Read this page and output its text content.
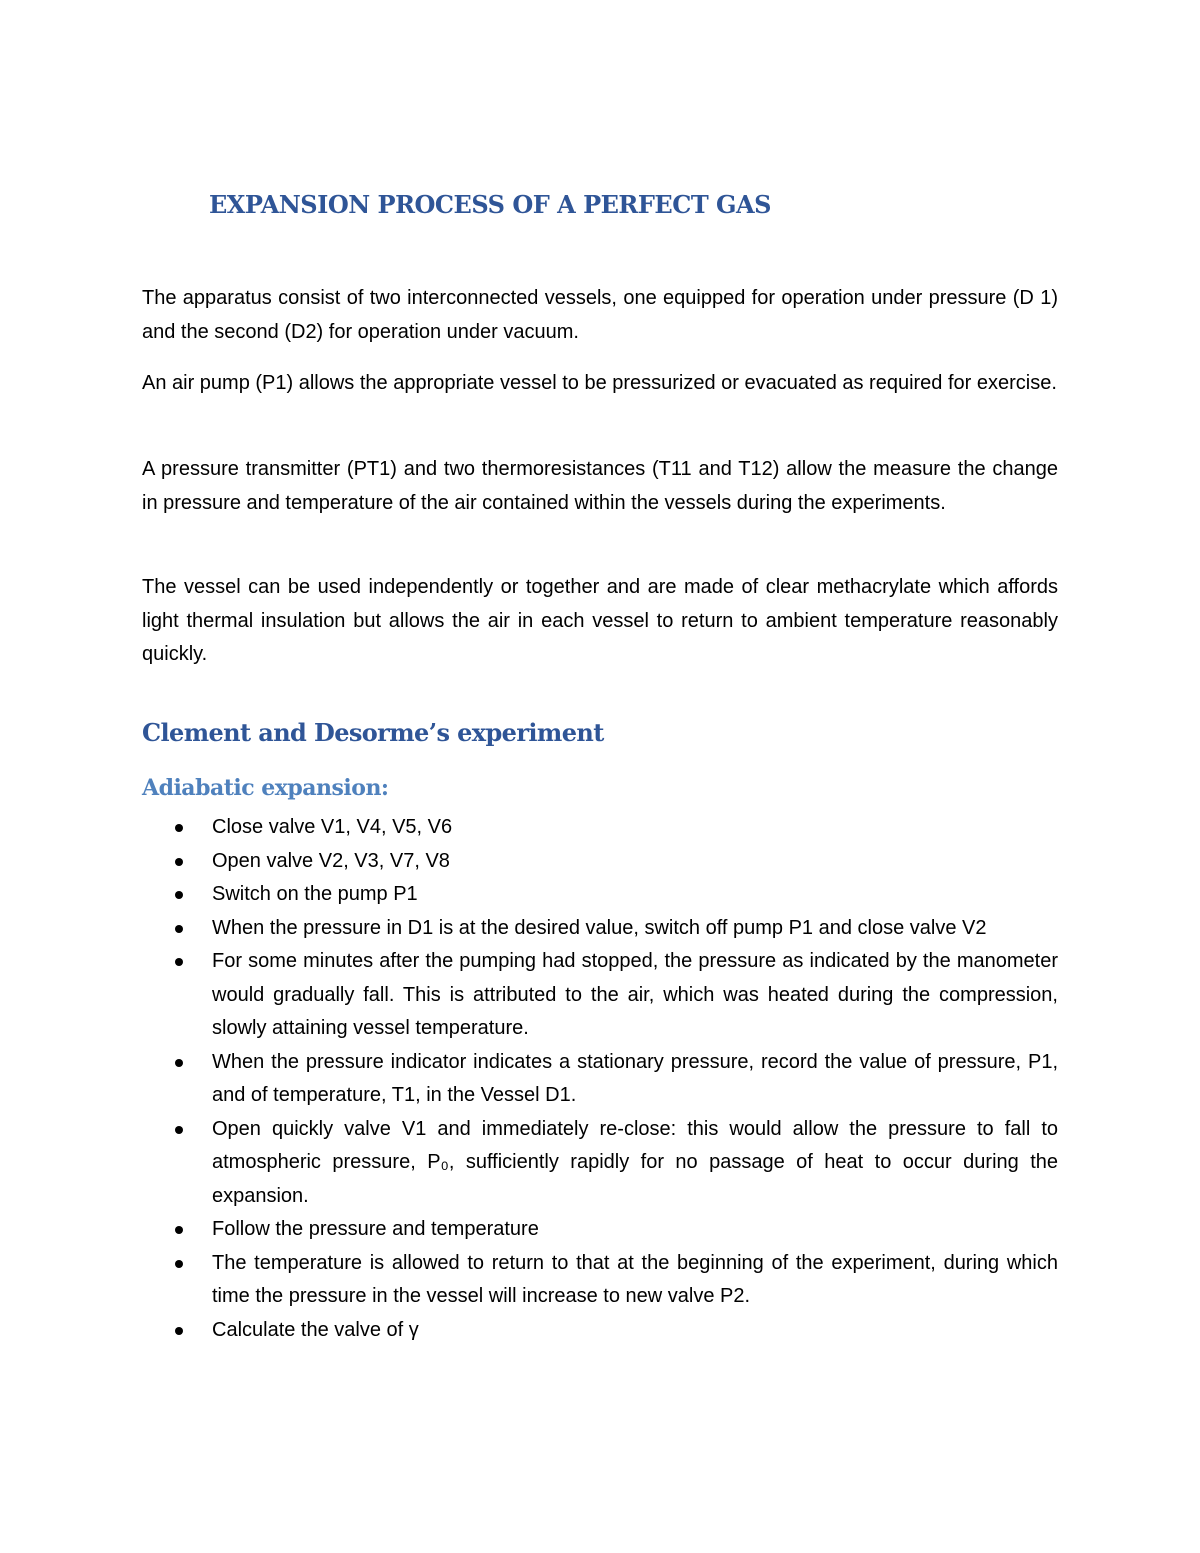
EXPANSION PROCESS OF A PERFECT GAS

The apparatus consist of two interconnected vessels, one equipped for operation under pressure (D 1) and the second (D2) for operation under vacuum.

An air pump (P1) allows the appropriate vessel to be pressurized or evacuated as required for exercise.

A pressure transmitter (PT1) and two thermoresistances (T11 and T12) allow the measure the change in pressure and temperature of the air contained within the vessels during the experiments.

The vessel can be used independently or together and are made of clear methacrylate which affords light thermal insulation but allows the air in each vessel to return to ambient temperature reasonably quickly.

Clement and Desorme’s experiment
Adiabatic expansion:
Close valve V1, V4, V5, V6
Open valve V2, V3, V7, V8
Switch on the pump P1
When the pressure in D1 is at the desired value, switch off pump P1 and close valve V2
For some minutes after the pumping had stopped, the pressure as indicated by the manometer would gradually fall. This is attributed to the air, which was heated during the compression, slowly attaining vessel temperature.
When the pressure indicator indicates a stationary pressure, record the value of pressure, P1, and of temperature, T1, in the Vessel D1.
Open quickly valve V1 and immediately re-close: this would allow the pressure to fall to atmospheric pressure, P₀, sufficiently rapidly for no passage of heat to occur during the expansion.
Follow the pressure and temperature
The temperature is allowed to return to that at the beginning of the experiment, during which time the pressure in the vessel will increase to new valve P2.
Calculate the valve of γ
